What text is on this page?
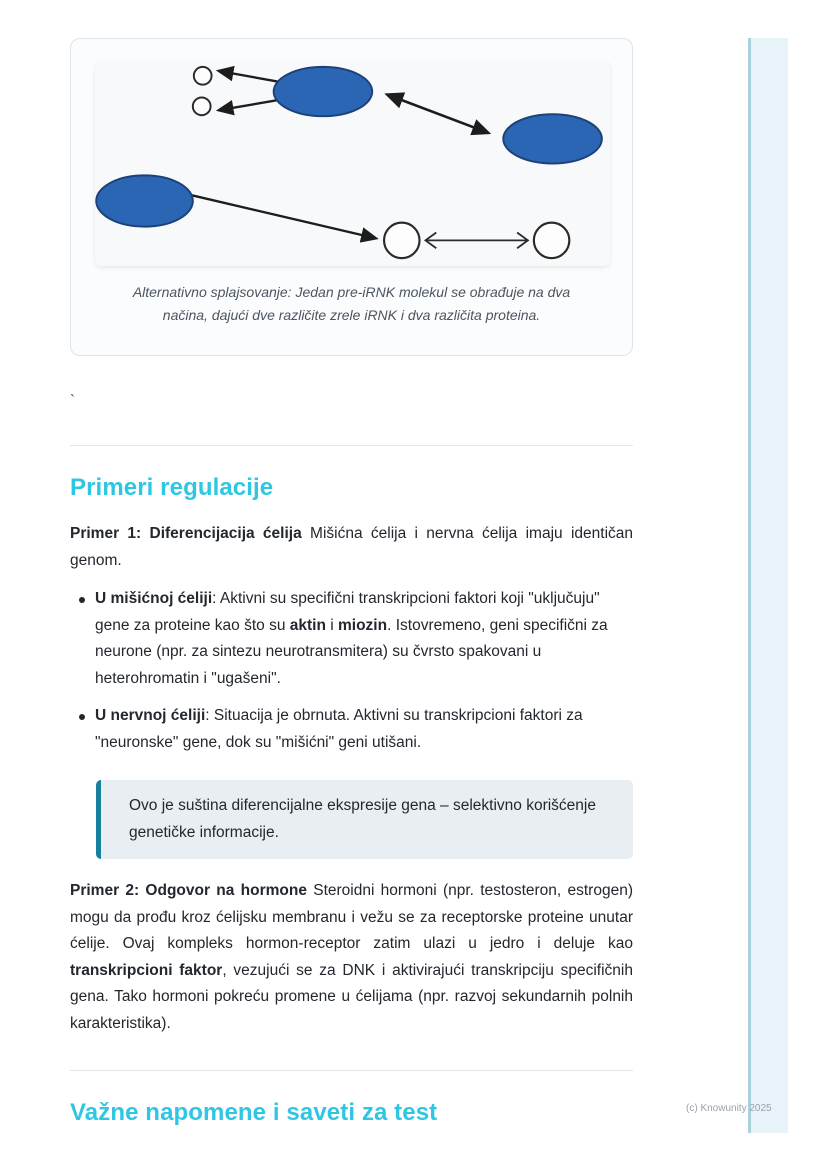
Alternativno splajsovanje: Jedan pre-iRNK molekul se obrađuje na dva načina, dajući dve različite zrele iRNK i dva različita proteina.
`
Primeri regulacije

Primer 1: Diferencijacija ćelija Mišićna ćelija i nervna ćelija imaju identičan genom.

U mišićnoj ćeliji: Aktivni su specifični transkripcioni faktori koji "uključuju" gene za proteine kao što su aktin i miozin. Istovremeno, geni specifični za neurone (npr. za sintezu neurotransmitera) su čvrsto spakovani u heterohromatin i "ugašeni".
U nervnoj ćeliji: Situacija je obrnuta. Aktivni su transkripcioni faktori za "neuronske" gene, dok su "mišićni" geni utišani.
Ovo je suština diferencijalne ekspresije gena – selektivno korišćenje genetičke informacije.

Primer 2: Odgovor na hormone Steroidni hormoni (npr. testosteron, estrogen) mogu da prođu kroz ćelijsku membranu i vežu se za receptorske proteine unutar ćelije. Ovaj kompleks hormon-receptor zatim ulazi u jedro i deluje kao transkripcioni faktor, vezujući se za DNK i aktivirajući transkripciju specifičnih gena. Tako hormoni pokreću promene u ćelijama (npr. razvoj sekundarnih polnih karakteristika).

Važne napomene i saveti za test	(c) Knowunity 2025
